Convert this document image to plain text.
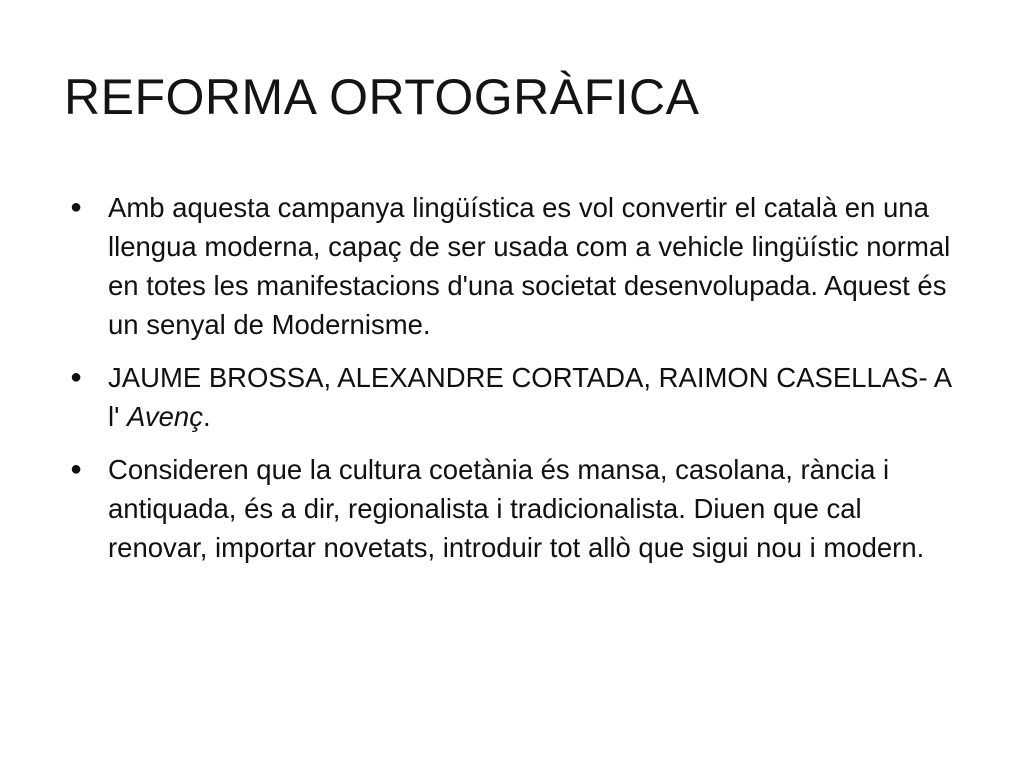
REFORMA ORTOGRÀFICA
● Amb aquesta campanya lingüística es vol convertir el català en una llengua moderna, capaç de ser usada com a vehicle lingüístic normal en totes les manifestacions d'una societat desenvolupada. Aquest és un senyal de Modernisme.
● JAUME BROSSA, ALEXANDRE CORTADA, RAIMON CASELLAS- A l' Avenç.
● Consideren que la cultura coetània és mansa, casolana, rància i antiquada, és a dir, regionalista i tradicionalista. Diuen que cal renovar, importar novetats, introduir tot allò que sigui nou i modern.
